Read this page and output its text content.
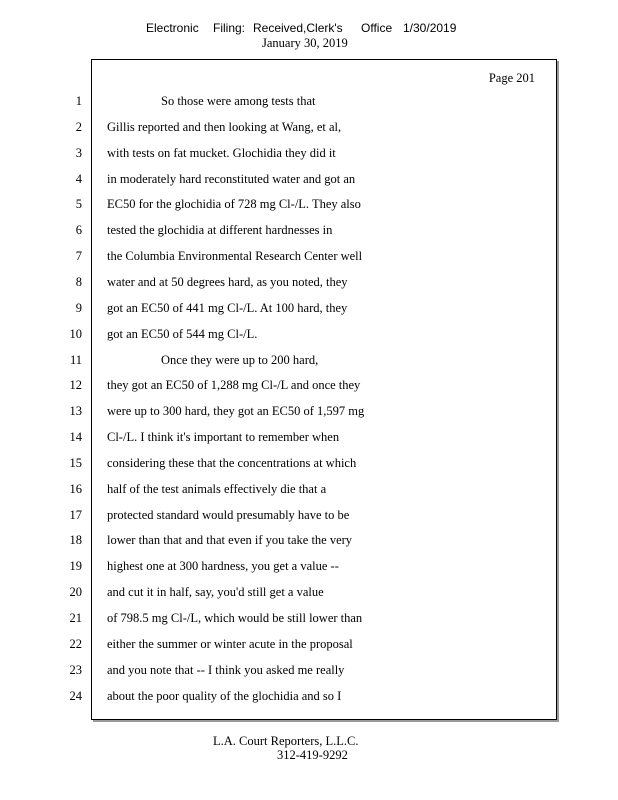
Electronic Filing: Received,Clerk's Office 1/30/2019
January 30, 2019
Page 201
1	So those were among tests that
2 Gillis reported and then looking at Wang, et al,
3 with tests on fat mucket. Glochidia they did it
4 in moderately hard reconstituted water and got an
5 EC50 for the glochidia of 728 mg Cl-/L. They also
6 tested the glochidia at different hardnesses in
7 the Columbia Environmental Research Center well
8 water and at 50 degrees hard, as you noted, they
9 got an EC50 of 441 mg Cl-/L. At 100 hard, they
10 got an EC50 of 544 mg Cl-/L.
11	Once they were up to 200 hard,
12 they got an EC50 of 1,288 mg Cl-/L and once they
13 were up to 300 hard, they got an EC50 of 1,597 mg
14 Cl-/L. I think it's important to remember when
15 considering these that the concentrations at which
16 half of the test animals effectively die that a
17 protected standard would presumably have to be
18 lower than that and that even if you take the very
19 highest one at 300 hardness, you get a value --
20 and cut it in half, say, you'd still get a value
21 of 798.5 mg Cl-/L, which would be still lower than
22 either the summer or winter acute in the proposal
23 and you note that -- I think you asked me really
24 about the poor quality of the glochidia and so I
L.A. Court Reporters, L.L.C.
312-419-9292
